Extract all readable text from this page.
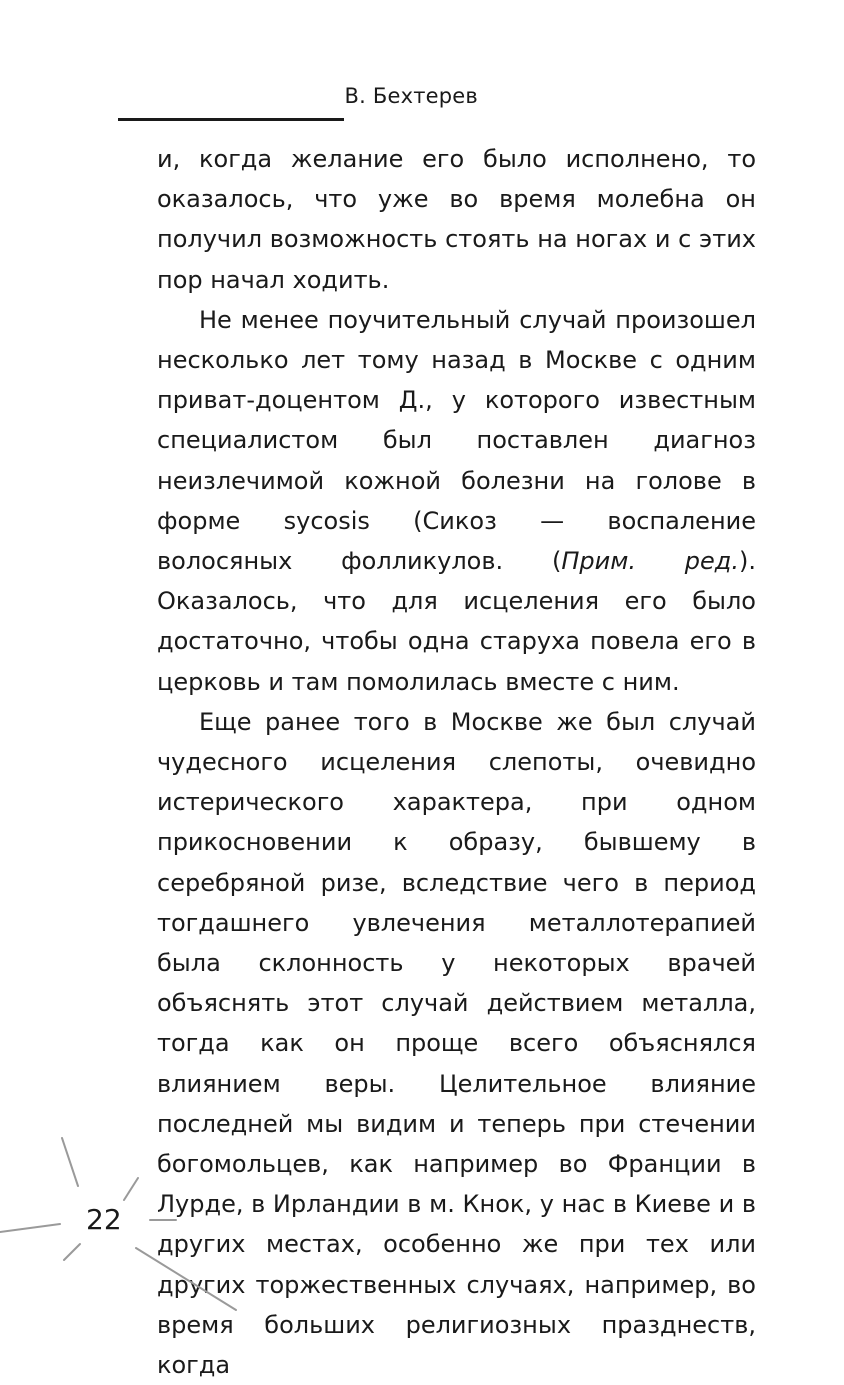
В. Бехтерев

и, когда желание его было исполнено, то оказалось, что уже во время молебна он получил возможность стоять на ногах и с этих пор начал ходить.

Не менее поучительный случай произошел несколько лет тому назад в Москве с одним приват-доцентом Д., у которого известным специалистом был поставлен диагноз неизлечимой кожной болезни на голове в форме sycosis (Сикоз — воспаление волосяных фолликулов. (Прим. ред.). Оказалось, что для исцеления его было достаточно, чтобы одна старуха повела его в церковь и там помолилась вместе с ним.

Еще ранее того в Москве же был случай чудесного исцеления слепоты, очевидно истерического характера, при одном прикосновении к образу, бывшему в серебряной ризе, вследствие чего в период тогдашнего увлечения металлотерапией была склонность у некоторых врачей объяснять этот случай действием металла, тогда как он проще всего объяснялся влиянием веры. Целительное влияние последней мы видим и теперь при стечении богомольцев, как например во Франции в Лурде, в Ирландии в м. Кнок, у нас в Киеве и в других местах, особенно же при тех или других торжественных случаях, например, во время больших религиозных празднеств, когда

22
